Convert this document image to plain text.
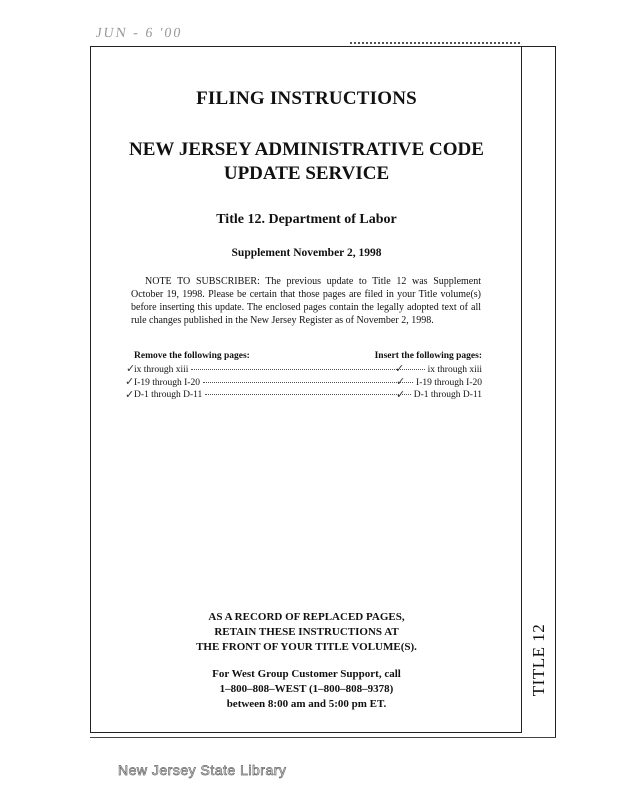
JUN - 6 '00
TITLE 12
FILING INSTRUCTIONS
NEW JERSEY ADMINISTRATIVE CODE
UPDATE SERVICE
Title 12. Department of Labor
Supplement November 2, 1998
NOTE TO SUBSCRIBER: The previous update to Title 12 was Supplement October 19, 1998. Please be certain that those pages are filed in your Title volume(s) before inserting this update. The enclosed pages contain the legally adopted text of all rule changes published in the New Jersey Register as of November 2, 1998.
Remove the following pages:	Insert the following pages:
ix through xiii	ix through xiii
I-19 through I-20	I-19 through I-20
D-1 through D-11	D-1 through D-11
✓
✓
✓
✓
✓
✓
AS A RECORD OF REPLACED PAGES,
RETAIN THESE INSTRUCTIONS AT
THE FRONT OF YOUR TITLE VOLUME(S).
For West Group Customer Support, call
1–800–808–WEST (1–800–808–9378)
between 8:00 am and 5:00 pm ET.
New Jersey State Library
